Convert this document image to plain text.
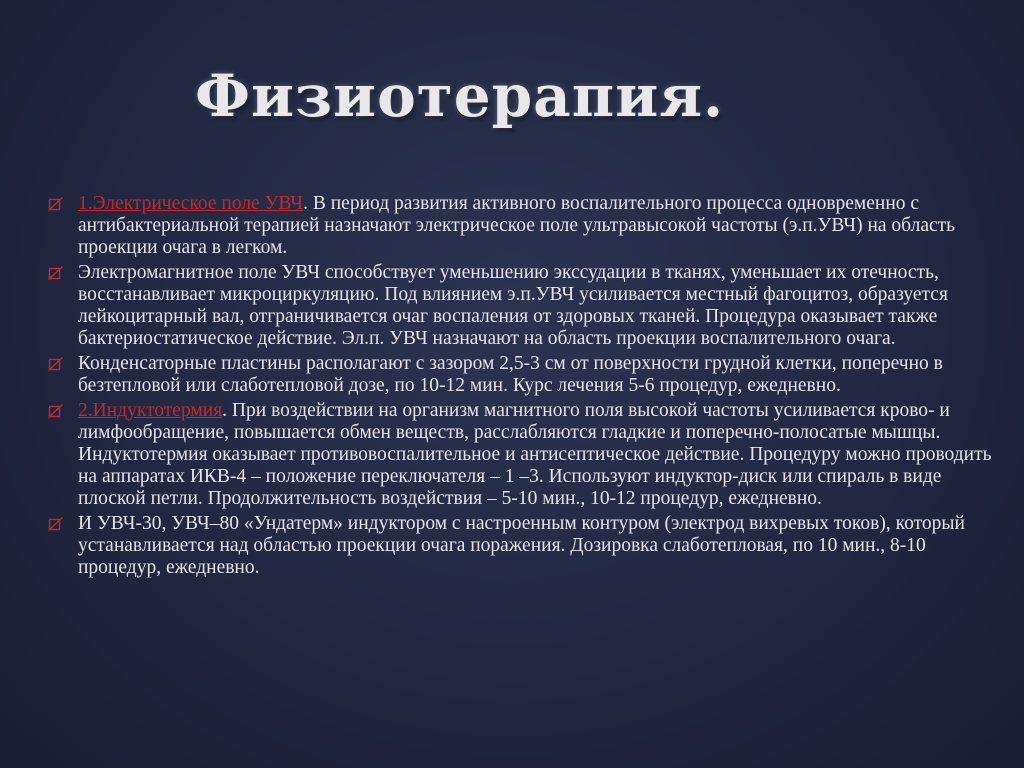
Физиотерапия.
1.Электрическое поле УВЧ. В период развития активного воспалительного процесса одновременно с антибактериальной терапией назначают электрическое поле ультравысокой частоты (э.п.УВЧ) на область проекции очага в легком.
Электромагнитное поле УВЧ способствует уменьшению экссудации в тканях, уменьшает их отечность, восстанавливает микроциркуляцию. Под влиянием э.п.УВЧ усиливается местный фагоцитоз, образуется лейкоцитарный вал, отграничивается очаг воспаления от здоровых тканей. Процедура оказывает также бактериостатическое действие. Эл.п. УВЧ назначают на область проекции воспалительного очага.
Конденсаторные пластины располагают с зазором 2,5-3 см от поверхности грудной клетки, поперечно в безтепловой или слаботепловой дозе, по 10-12 мин. Курс лечения 5-6 процедур, ежедневно.
2.Индуктотермия. При воздействии на организм магнитного поля высокой частоты усиливается крово- и лимфообращение, повышается обмен веществ, расслабляются гладкие и поперечно-полосатые мышцы. Индуктотермия оказывает противовоспалительное и антисептическое действие. Процедуру можно проводить на аппаратах ИКВ-4 – положение переключателя – 1 –3. Используют индуктор-диск или спираль в виде плоской петли. Продолжительность воздействия – 5-10 мин., 10-12 процедур, ежедневно.
И УВЧ-30, УВЧ–80 «Ундатерм» индуктором с настроенным контуром (электрод вихревых токов), который устанавливается над областью проекции очага поражения. Дозировка слаботепловая, по 10 мин., 8-10 процедур, ежедневно.
